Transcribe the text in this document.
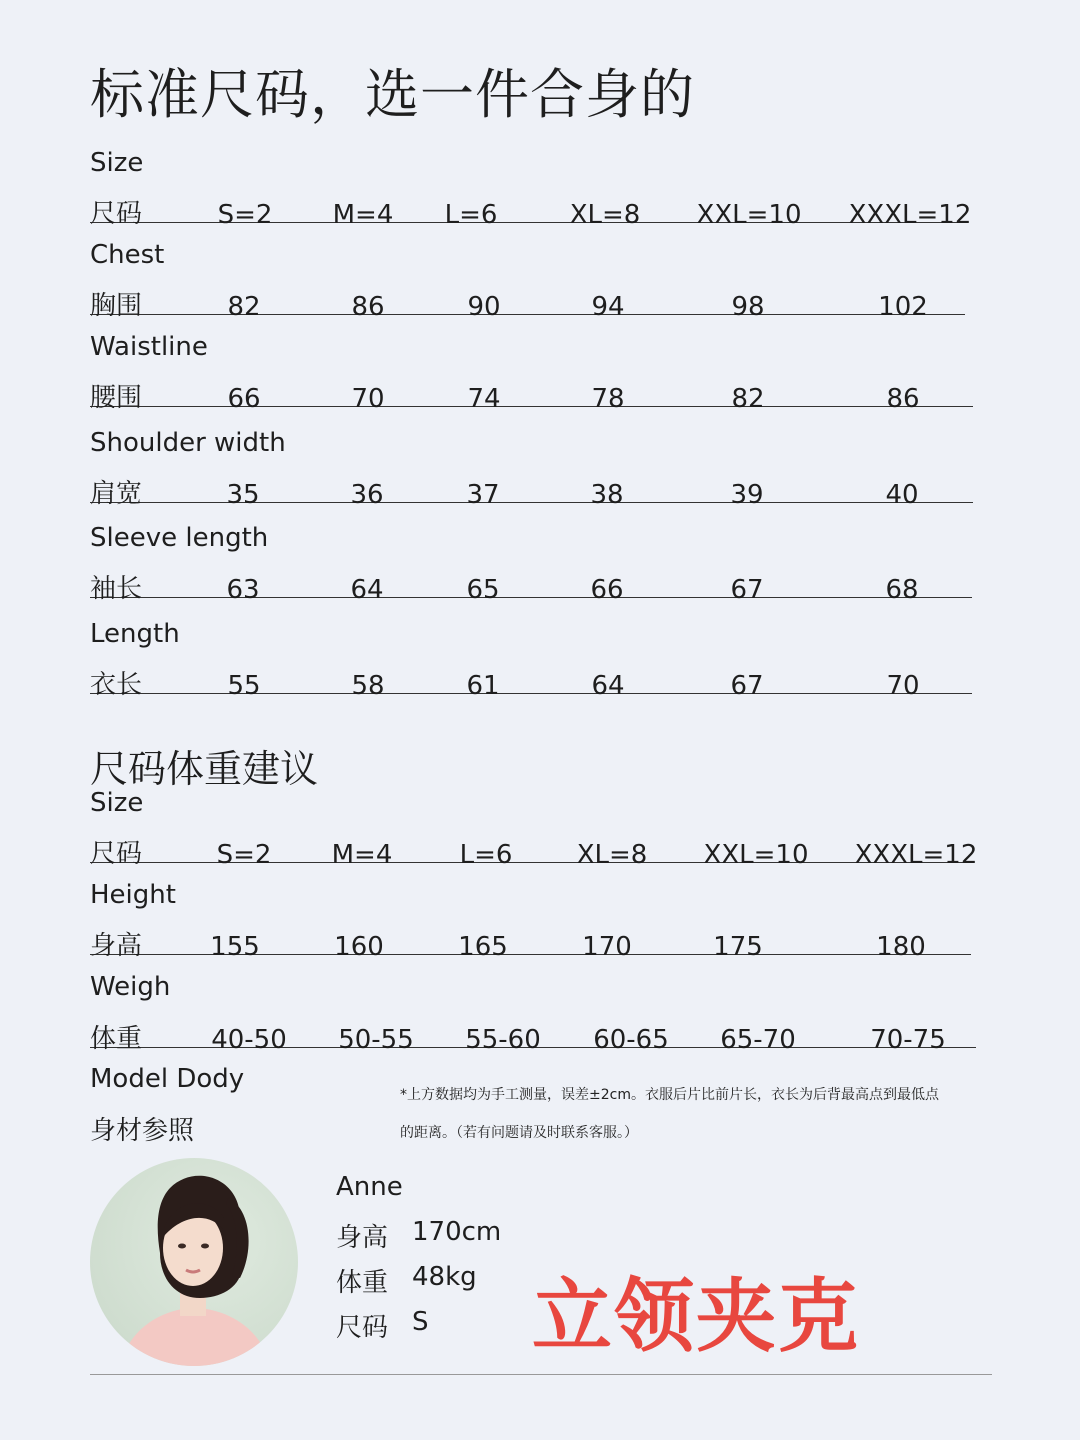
标准尺码，选一件合身的
Size
尺码	S=2 M=4 L=6	XL=8 XXL=10 XXXL=12
Chest
胸围	82	86	90	94	98	102
Waistline
腰围	66	70	74	78	82	86
Shoulder width
肩宽	35	36	37	38	39	40
Sleeve length
袖长	63	64	65	66	67	68
Length
衣长	55	58	61	64	67	70
尺码体重建议
Size
尺码	S=2 M=4	L=6 XL=8 XXL=10 XXXL=12
Height
身高	155	160	165	170	175	180
Weigh
体重	40-50 50-55 55-60 60-65 65-70	70-75
Model Dody
身材参照
*上方数据均为手工测量，误差±2cm。衣服后片比前片长，衣长为后背最高点到最低点
的距离。（若有问题请及时联系客服。）
Anne
身高 170cm
体重 48kg
尺码 S 立领夹克
